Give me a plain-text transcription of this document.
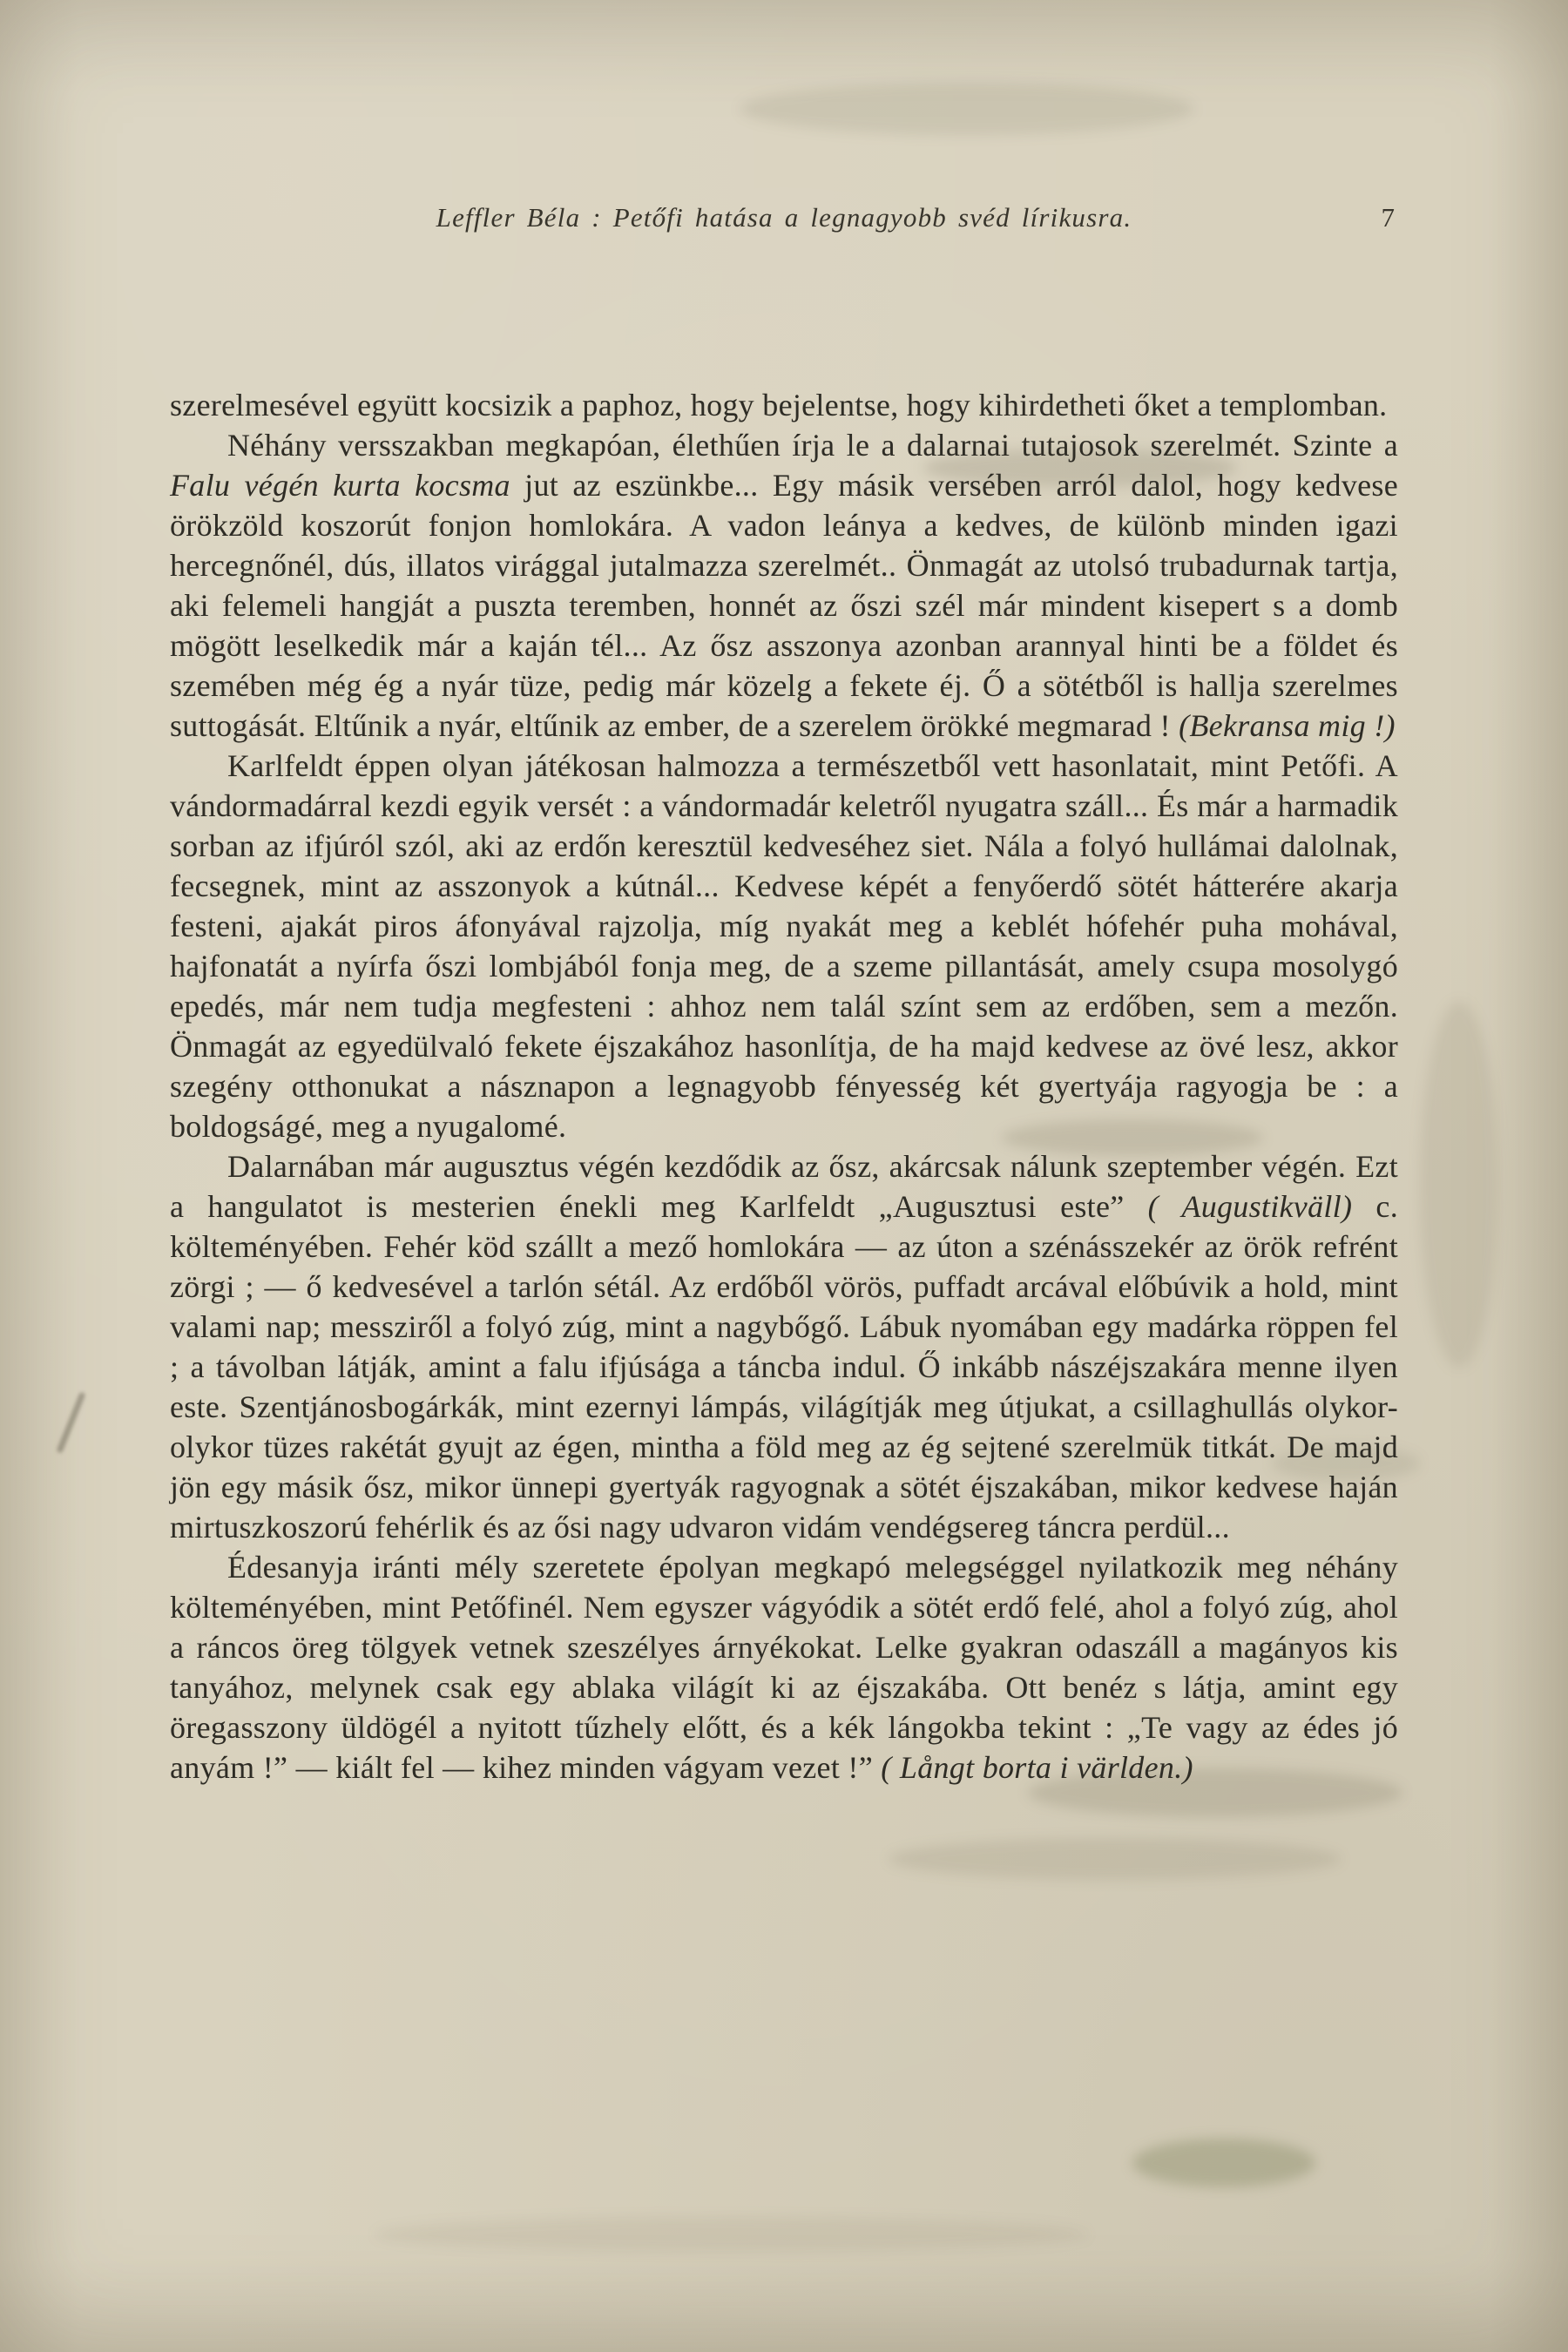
Leffler Béla : Petőfi hatása a legnagyobb svéd lírikusra.	7

szerelmesével együtt kocsizik a paphoz, hogy bejelentse, hogy kihirdetheti őket a templomban.

Néhány versszakban megkapóan, élethűen írja le a dalarnai tutajosok szerelmét. Szinte a Falu végén kurta kocsma jut az eszünkbe... Egy másik versében arról dalol, hogy kedvese örökzöld koszorút fonjon homlokára. A vadon leánya a kedves, de különb minden igazi hercegnőnél, dús, illatos virággal jutalmazza szerelmét.. Önmagát az utolsó trubadurnak tartja, aki felemeli hangját a puszta teremben, honnét az őszi szél már mindent kisepert s a domb mögött leselkedik már a kaján tél... Az ősz asszonya azonban arannyal hinti be a földet és szemében még ég a nyár tüze, pedig már közelg a fekete éj. Ő a sötétből is hallja szerelmes suttogását. Eltűnik a nyár, eltűnik az ember, de a szerelem örökké megmarad ! (Bekransa mig !)

Karlfeldt éppen olyan játékosan halmozza a természetből vett hasonlatait, mint Petőfi. A vándormadárral kezdi egyik versét : a vándormadár keletről nyugatra száll... És már a harmadik sorban az ifjúról szól, aki az erdőn keresztül kedveséhez siet. Nála a folyó hullámai dalolnak, fecsegnek, mint az asszonyok a kútnál... Kedvese képét a fenyőerdő sötét hátterére akarja festeni, ajakát piros áfonyával rajzolja, míg nyakát meg a keblét hófehér puha mohával, hajfonatát a nyírfa őszi lombjából fonja meg, de a szeme pillantását, amely csupa mosolygó epedés, már nem tudja megfesteni : ahhoz nem talál színt sem az erdőben, sem a mezőn. Önmagát az egyedülvaló fekete éjszakához hasonlítja, de ha majd kedvese az övé lesz, akkor szegény otthonukat a násznapon a legnagyobb fényesség két gyertyája ragyogja be : a boldogságé, meg a nyugalomé.

Dalarnában már augusztus végén kezdődik az ősz, akárcsak nálunk szeptember végén. Ezt a hangulatot is mesterien énekli meg Karlfeldt „Augusztusi este” ( Augustikväll) c. költeményében. Fehér köd szállt a mező homlokára — az úton a szénásszekér az örök refrént zörgi ; — ő kedvesével a tarlón sétál. Az erdőből vörös, puffadt arcával előbúvik a hold, mint valami nap; messziről a folyó zúg, mint a nagybőgő. Lábuk nyomában egy madárka röppen fel ; a távolban látják, amint a falu ifjúsága a táncba indul. Ő inkább nászéjszakára menne ilyen este. Szentjánosbogárkák, mint ezernyi lámpás, világítják meg útjukat, a csillaghullás olykor-olykor tüzes rakétát gyujt az égen, mintha a föld meg az ég sejtené szerelmük titkát. De majd jön egy másik ősz, mikor ünnepi gyertyák ragyognak a sötét éjszakában, mikor kedvese haján mirtuszkoszorú fehérlik és az ősi nagy udvaron vidám vendégsereg táncra perdül...

Édesanyja iránti mély szeretete épolyan megkapó melegséggel nyilatkozik meg néhány költeményében, mint Petőfinél. Nem egyszer vágyódik a sötét erdő felé, ahol a folyó zúg, ahol a ráncos öreg tölgyek vetnek szeszélyes árnyékokat. Lelke gyakran odaszáll a magányos kis tanyához, melynek csak egy ablaka világít ki az éjszakába. Ott benéz s látja, amint egy öregasszony üldögél a nyitott tűzhely előtt, és a kék lángokba tekint : „Te vagy az édes jó anyám !” — kiált fel — kihez minden vágyam vezet !” ( Långt borta i världen.)
